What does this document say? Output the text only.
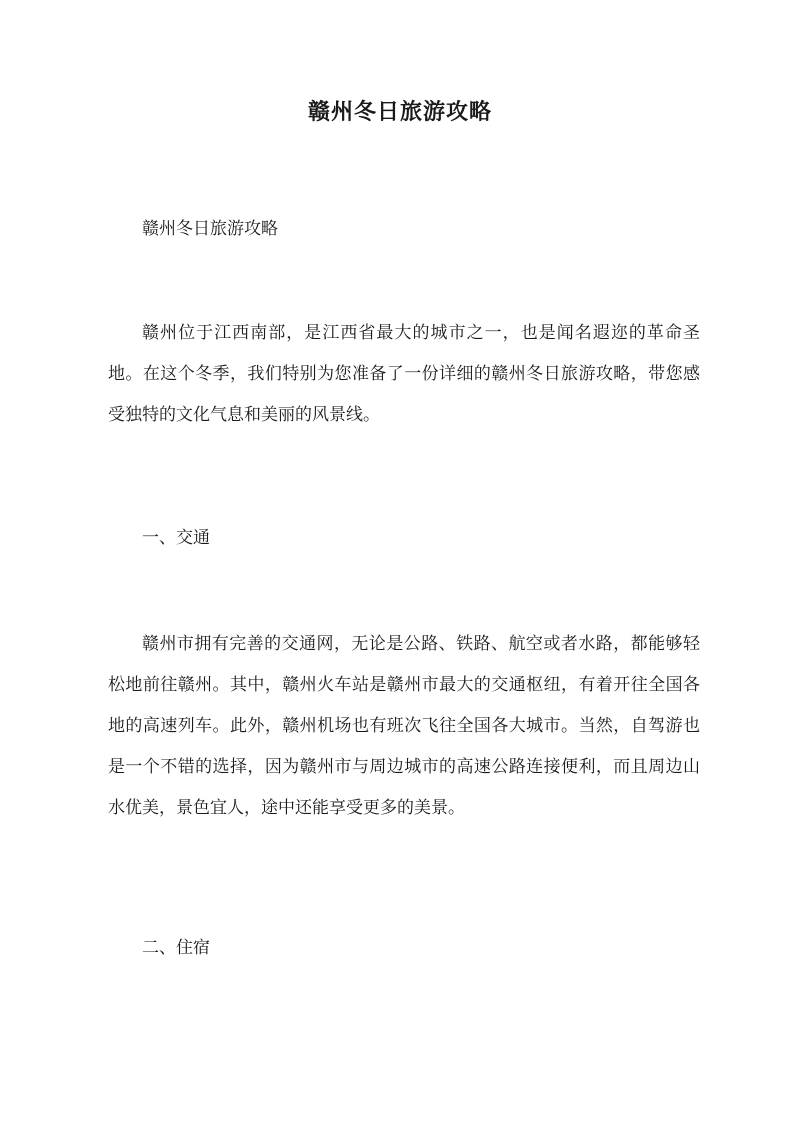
赣州冬日旅游攻略

赣州冬日旅游攻略

赣州位于江西南部，是江西省最大的城市之一，也是闻名遐迩的革命圣地。在这个冬季，我们特别为您准备了一份详细的赣州冬日旅游攻略，带您感受独特的文化气息和美丽的风景线。

一、交通

赣州市拥有完善的交通网，无论是公路、铁路、航空或者水路，都能够轻松地前往赣州。其中，赣州火车站是赣州市最大的交通枢纽，有着开往全国各地的高速列车。此外，赣州机场也有班次飞往全国各大城市。当然，自驾游也是一个不错的选择，因为赣州市与周边城市的高速公路连接便利，而且周边山水优美，景色宜人，途中还能享受更多的美景。

二、住宿
